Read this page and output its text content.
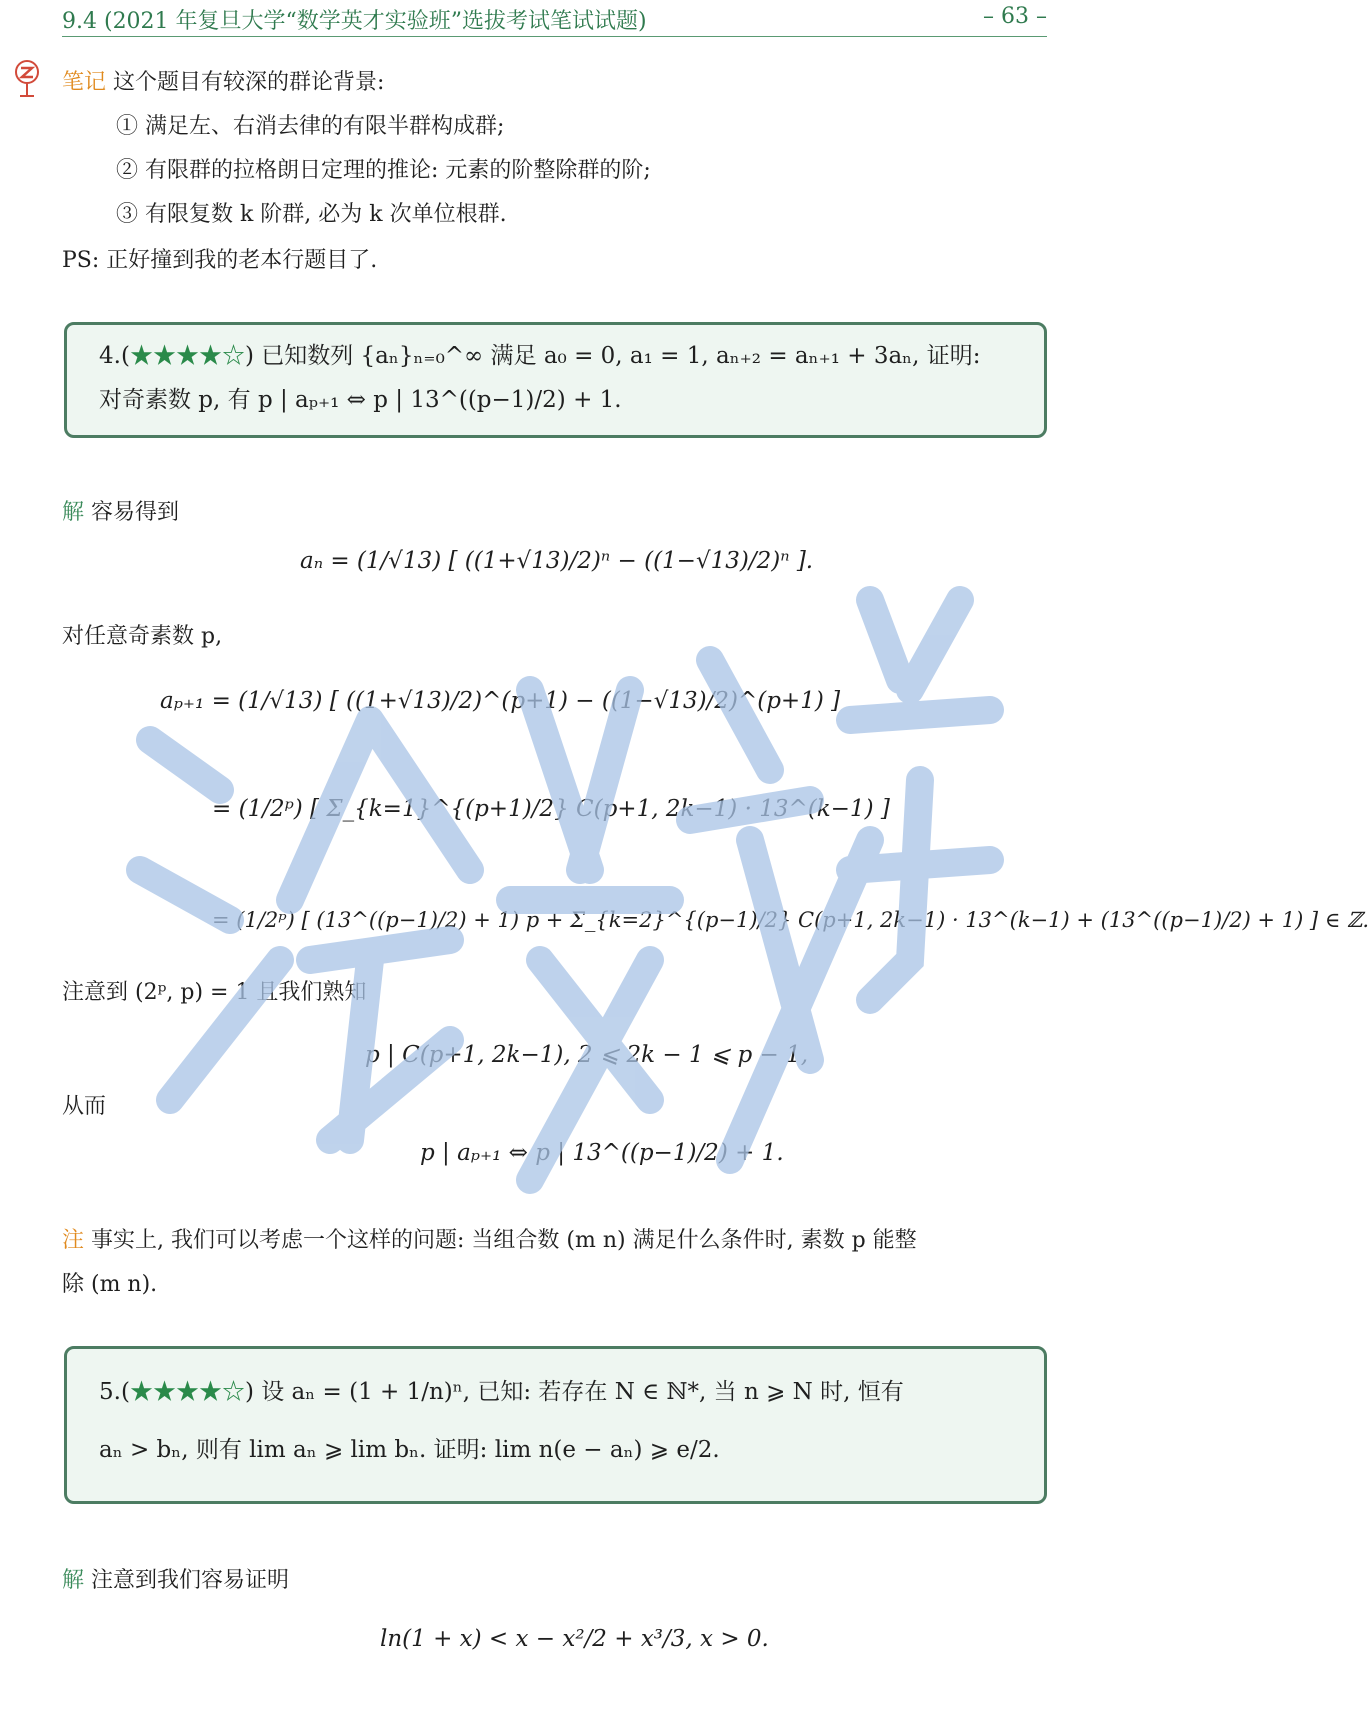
9.4 (2021 年复旦大学“数学英才实验班”选拔考试笔试试题)	– 63 –
笔记 这个题目有较深的群论背景:
① 满足左、右消去律的有限半群构成群;
② 有限群的拉格朗日定理的推论: 元素的阶整除群的阶;
③ 有限复数 k 阶群, 必为 k 次单位根群.
PS: 正好撞到我的老本行题目了.
4.(★★★★☆) 已知数列 {aₙ}ₙ₌₀^∞ 满足 a₀ = 0, a₁ = 1, aₙ₊₂ = aₙ₊₁ + 3aₙ, 证明:
对奇素数 p, 有 p | aₚ₊₁ ⇔ p | 13^((p−1)/2) + 1.
解 容易得到
aₙ = (1/√13) [ ((1+√13)/2)ⁿ − ((1−√13)/2)ⁿ ].
对任意奇素数 p,
aₚ₊₁ = (1/√13) [ ((1+√13)/2)^(p+1) − ((1−√13)/2)^(p+1) ]
= (1/2ᵖ) [ Σ_{k=1}^{(p+1)/2} C(p+1, 2k−1) · 13^(k−1) ]
= (1/2ᵖ) [ (13^((p−1)/2) + 1) p + Σ_{k=2}^{(p−1)/2} C(p+1, 2k−1) · 13^(k−1) + (13^((p−1)/2) + 1) ] ∈ ℤ.
注意到 (2ᵖ, p) = 1 且我们熟知
p | C(p+1, 2k−1), 2 ⩽ 2k − 1 ⩽ p − 1,
从而
p | aₚ₊₁ ⇔ p | 13^((p−1)/2) + 1.
注 事实上, 我们可以考虑一个这样的问题: 当组合数 (m n) 满足什么条件时, 素数 p 能整
除 (m n).
5.(★★★★☆) 设 aₙ = (1 + 1/n)ⁿ, 已知: 若存在 N ∈ ℕ*, 当 n ⩾ N 时, 恒有
aₙ > bₙ, 则有 lim aₙ ⩾ lim bₙ. 证明: lim n(e − aₙ) ⩾ e/2.
解 注意到我们容易证明
ln(1 + x) < x − x²/2 + x³/3, x > 0.
